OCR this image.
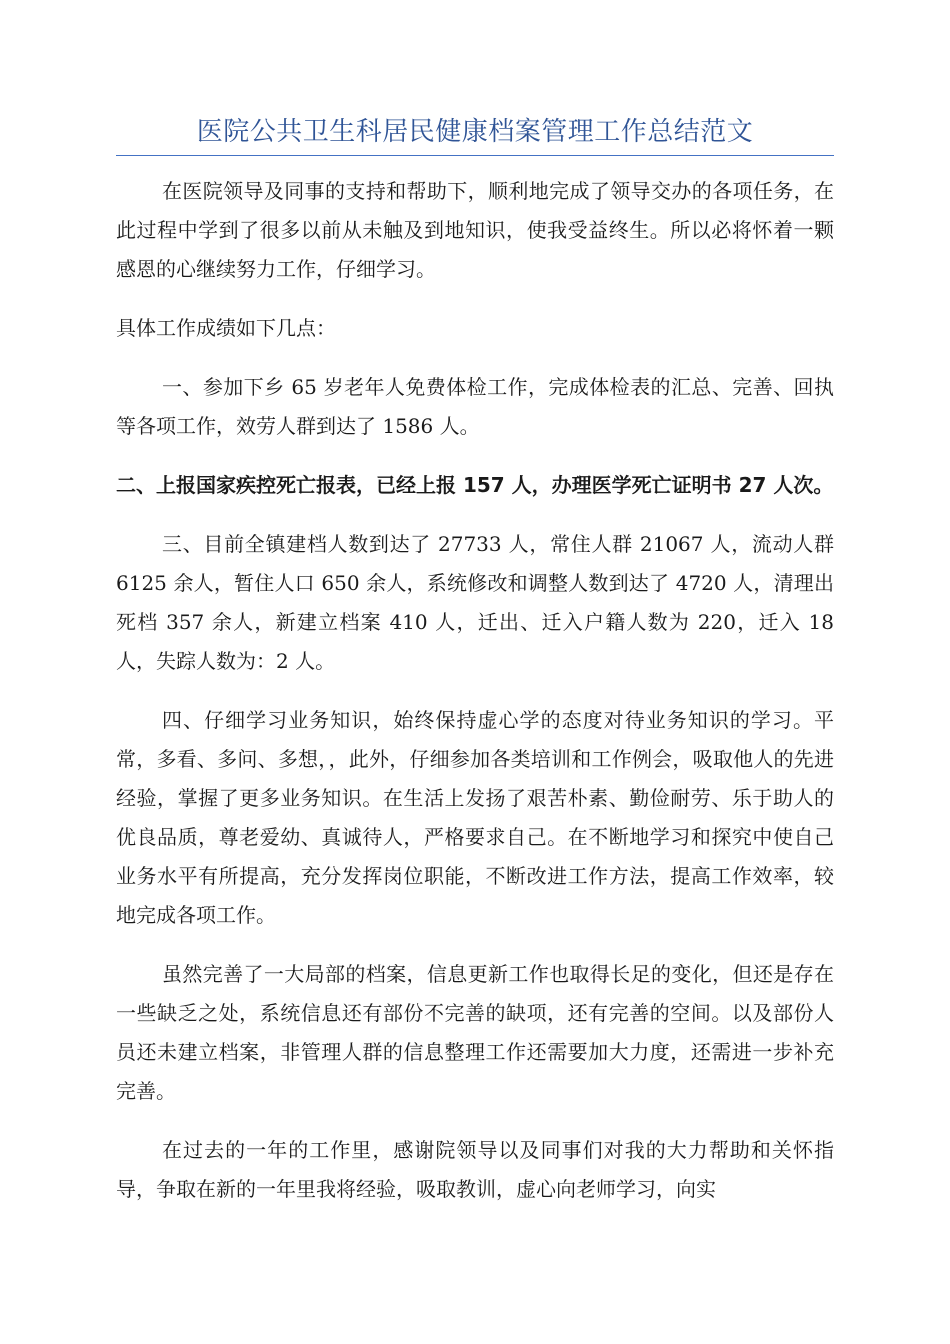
医院公共卫生科居民健康档案管理工作总结范文

在医院领导及同事的支持和帮助下，顺利地完成了领导交办的各项任务，在此过程中学到了很多以前从未触及到地知识，使我受益终生。所以必将怀着一颗感恩的心继续努力工作，仔细学习。

具体工作成绩如下几点：

一、参加下乡 65 岁老年人免费体检工作，完成体检表的汇总、完善、回执等各项工作，效劳人群到达了 1586 人。

二、上报国家疾控死亡报表，已经上报 157 人，办理医学死亡证明书 27 人次。

三、目前全镇建档人数到达了 27733 人，常住人群 21067 人，流动人群 6125 余人，暂住人口 650 余人，系统修改和调整人数到达了 4720 人，清理出死档 357 余人，新建立档案 410 人，迁出、迁入户籍人数为 220，迁入 18 人，失踪人数为：2 人。

四、仔细学习业务知识，始终保持虚心学的态度对待业务知识的学习。平常，多看、多问、多想，，此外，仔细参加各类培训和工作例会，吸取他人的先进经验，掌握了更多业务知识。在生活上发扬了艰苦朴素、勤俭耐劳、乐于助人的优良品质，尊老爱幼、真诚待人，严格要求自己。在不断地学习和探究中使自己业务水平有所提高，充分发挥岗位职能，不断改进工作方法，提高工作效率，较地完成各项工作。

虽然完善了一大局部的档案，信息更新工作也取得长足的变化，但还是存在一些缺乏之处，系统信息还有部份不完善的缺项，还有完善的空间。以及部份人员还未建立档案，非管理人群的信息整理工作还需要加大力度，还需进一步补充完善。

在过去的一年的工作里，感谢院领导以及同事们对我的大力帮助和关怀指导，争取在新的一年里我将经验，吸取教训，虚心向老师学习，向实
